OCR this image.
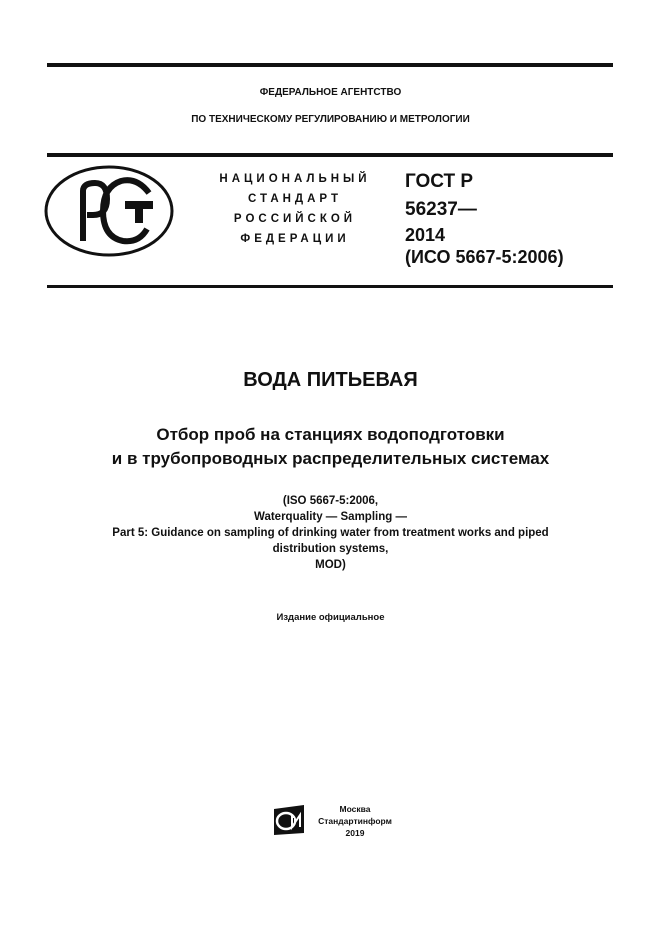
ФЕДЕРАЛЬНОЕ АГЕНТСТВО
ПО ТЕХНИЧЕСКОМУ РЕГУЛИРОВАНИЮ И МЕТРОЛОГИИ
НАЦИОНАЛЬНЫЙ
СТАНДАРТ
РОССИЙСКОЙ
ФЕДЕРАЦИИ
ГОСТ Р
56237—
2014
(ИСО 5667-5:2006)
ВОДА ПИТЬЕВАЯ
Отбор проб на станциях водоподготовки
и в трубопроводных распределительных системах
(ISO 5667-5:2006,
Waterquality — Sampling —
Part 5: Guidance on sampling of drinking water from treatment works and piped
distribution systems,
MOD)
Издание официальное
Москва
Стандартинформ
2019
